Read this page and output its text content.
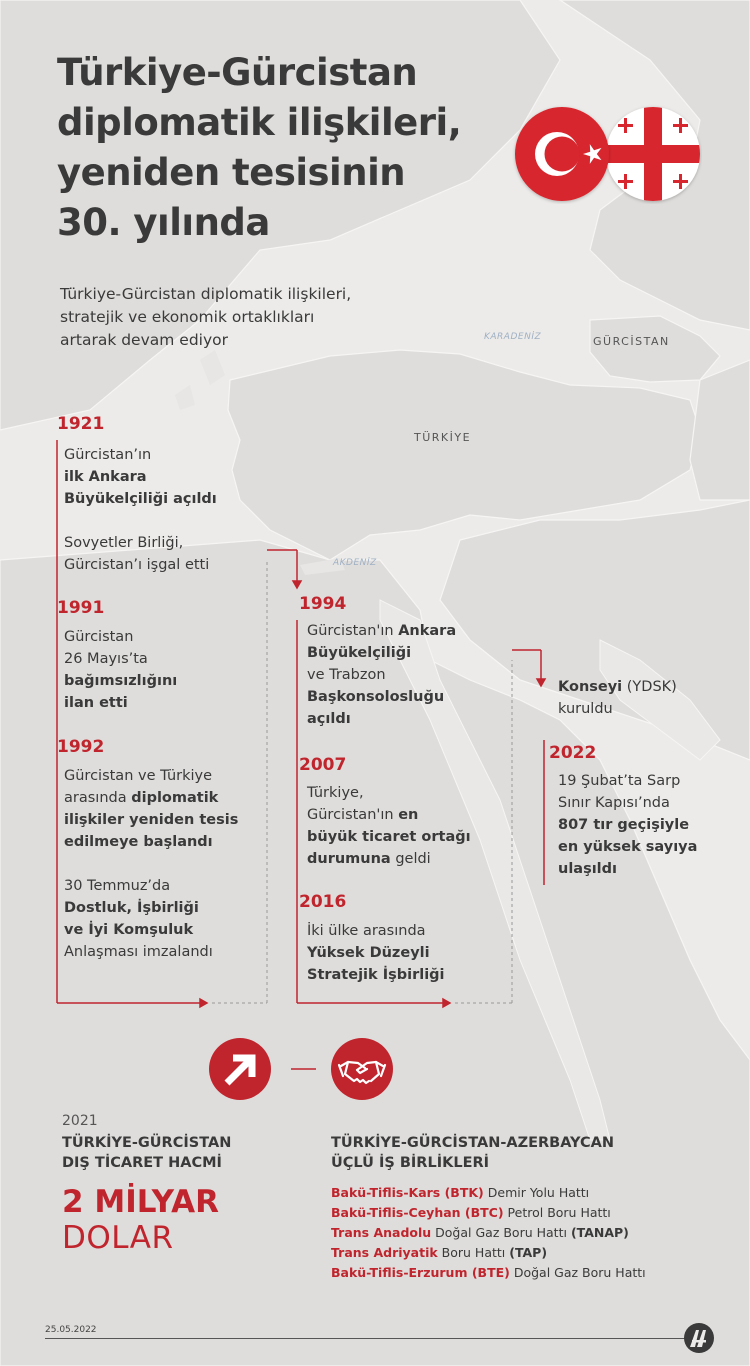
Türkiye-Gürcistan
diplomatik ilişkileri,
yeniden tesisinin
30. yılında
Türkiye-Gürcistan diplomatik ilişkileri,
stratejik ve ekonomik ortaklıkları
artarak devam ediyor	GÜRCİSTAN
TÜRKİYE
KARADENİZ
AKDENİZ
1921
Gürcistan’ın
ilk Ankara
Büyükelçiliği açıldı
Sovyetler Birliği,
Gürcistan’ı işgal etti
1991
Gürcistan
26 Mayıs’ta
bağımsızlığını
ilan etti
1992
Gürcistan ve Türkiye
arasında diplomatik
ilişkiler yeniden tesis
edilmeye başlandı
30 Temmuz’da
Dostluk, İşbirliği
ve İyi Komşuluk
Anlaşması imzalandı
1994
Gürcistan'ın Ankara
Büyükelçiliği
ve Trabzon
Başkonsolosluğu
açıldı
2007
Türkiye,
Gürcistan'ın en
büyük ticaret ortağı
durumuna geldi
2016
İki ülke arasında
Yüksek Düzeyli
Stratejik İşbirliği
Konseyi (YDSK)
kuruldu
2022
19 Şubat’ta Sarp
Sınır Kapısı’nda
807 tır geçişiyle
en yüksek sayıya
ulaşıldı
2021
TÜRKİYE-GÜRCİSTAN
DIŞ TİCARET HACMİ
2 MİLYAR
DOLAR
TÜRKİYE-GÜRCİSTAN-AZERBAYCAN
ÜÇLÜ İŞ BİRLİKLERİ
Bakü-Tiflis-Kars (BTK) Demir Yolu Hattı
Bakü-Tiflis-Ceyhan (BTC) Petrol Boru Hattı
Trans Anadolu Doğal Gaz Boru Hattı (TANAP)
Trans Adriyatik Boru Hattı (TAP)
Bakü-Tiflis-Erzurum (BTE) Doğal Gaz Boru Hattı
25.05.2022
